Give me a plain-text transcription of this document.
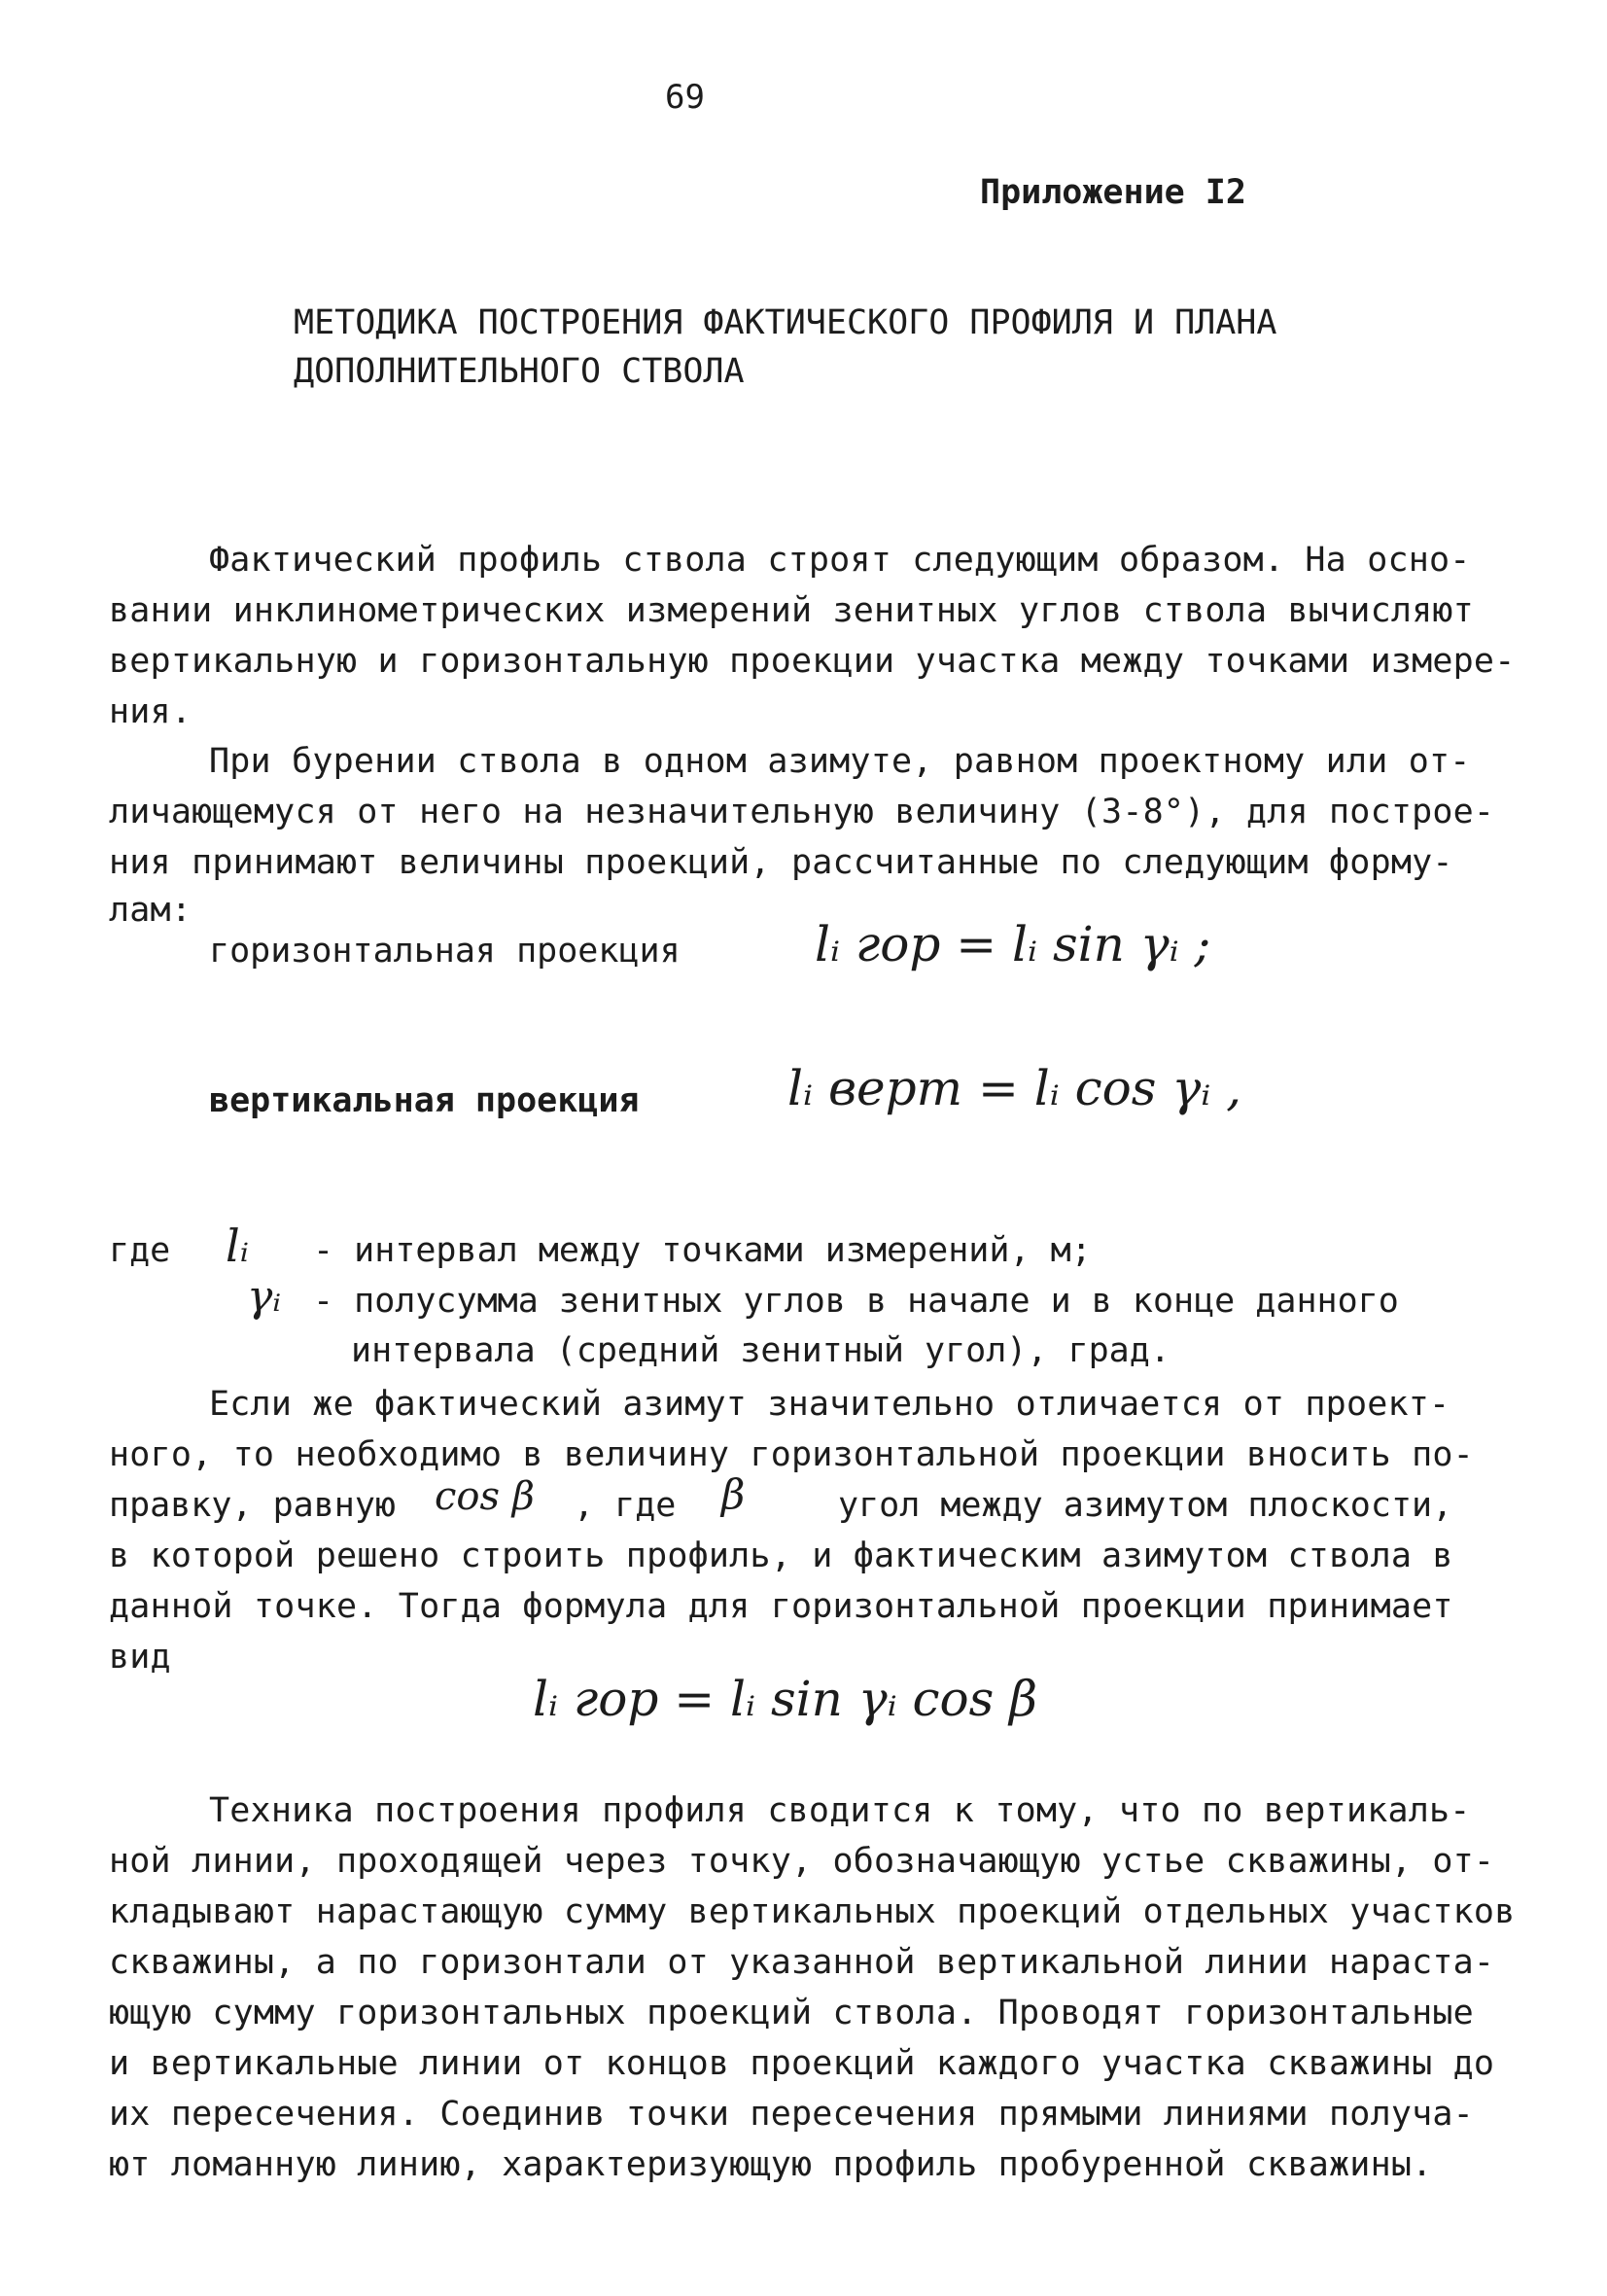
69
Приложение I2
МЕТОДИКА ПОСТРОЕНИЯ ФАКТИЧЕСКОГО ПРОФИЛЯ И ПЛАНА
ДОПОЛНИТЕЛЬНОГО СТВОЛА
Фактический профиль ствола строят следующим образом. На осно-
вании инклинометрических измерений зенитных углов ствола вычисляют
вертикальную и горизонтальную проекции участка между точками измере-
ния.
При бурении ствола в одном азимуте, равном проектному или от-
личающемуся от него на незначительную величину (3-8°), для построе-
ния принимают величины проекций, рассчитанные по следующим форму-
лам:
горизонтальная проекция	lᵢ гор = lᵢ sin γᵢ ;
вертикальная проекция	lᵢ верт = lᵢ cos γᵢ ,
где lᵢ - интервал между точками измерений, м;
γᵢ - полусумма зенитных углов в начале и в конце данного
интервала (средний зенитный угол), град.
Если же фактический азимут значительно отличается от проект-
ного, то необходимо в величину горизонтальной проекции вносить по-
правку, равную cos β , где β	угол между азимутом плоскости,
в которой решено строить профиль, и фактическим азимутом ствола в
данной точке. Тогда формула для горизонтальной проекции принимает
вид
lᵢ гор = lᵢ sin γᵢ cos β
Техника построения профиля сводится к тому, что по вертикаль-
ной линии, проходящей через точку, обозначающую устье скважины, от-
кладывают нарастающую сумму вертикальных проекций отдельных участков
скважины, а по горизонтали от указанной вертикальной линии нараста-
ющую сумму горизонтальных проекций ствола. Проводят горизонтальные
и вертикальные линии от концов проекций каждого участка скважины до
их пересечения. Соединив точки пересечения прямыми линиями получа-
ют ломанную линию, характеризующую профиль пробуренной скважины.
